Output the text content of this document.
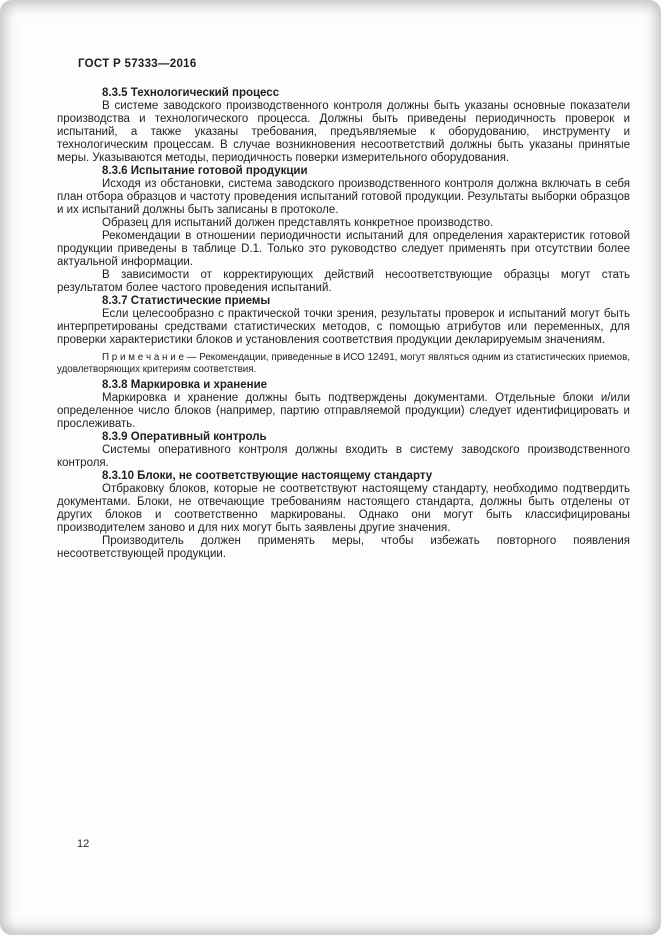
ГОСТ Р 57333—2016
8.3.5 Технологический процесс
В системе заводского производственного контроля должны быть указаны основные показатели производства и технологического процесса. Должны быть приведены периодичность проверок и испытаний, а также указаны требования, предъявляемые к оборудованию, инструменту и технологическим процессам. В случае возникновения несоответствий должны быть указаны принятые меры. Указываются методы, периодичность поверки измерительного оборудования.
8.3.6 Испытание готовой продукции
Исходя из обстановки, система заводского производственного контроля должна включать в себя план отбора образцов и частоту проведения испытаний готовой продукции. Результаты выборки образцов и их испытаний должны быть записаны в протоколе.
Образец для испытаний должен представлять конкретное производство.
Рекомендации в отношении периодичности испытаний для определения характеристик готовой продукции приведены в таблице D.1. Только это руководство следует применять при отсутствии более актуальной информации.
В зависимости от корректирующих действий несоответствующие образцы могут стать результатом более частого проведения испытаний.
8.3.7 Статистические приемы
Если целесообразно с практической точки зрения, результаты проверок и испытаний могут быть интерпретированы средствами статистических методов, с помощью атрибутов или переменных, для проверки характеристики блоков и установления соответствия продукции декларируемым значениям.
П р и м е ч а н и е — Рекомендации, приведенные в ИСО 12491, могут являться одним из статистических приемов, удовлетворяющих критериям соответствия.
8.3.8 Маркировка и хранение
Маркировка и хранение должны быть подтверждены документами. Отдельные блоки и/или определенное число блоков (например, партию отправляемой продукции) следует идентифицировать и прослеживать.
8.3.9 Оперативный контроль
Системы оперативного контроля должны входить в систему заводского производственного контроля.
8.3.10 Блоки, не соответствующие настоящему стандарту
Отбраковку блоков, которые не соответствуют настоящему стандарту, необходимо подтвердить документами. Блоки, не отвечающие требованиям настоящего стандарта, должны быть отделены от других блоков и соответственно маркированы. Однако они могут быть классифицированы производителем заново и для них могут быть заявлены другие значения.
Производитель должен применять меры, чтобы избежать повторного появления несоответствующей продукции.
12
